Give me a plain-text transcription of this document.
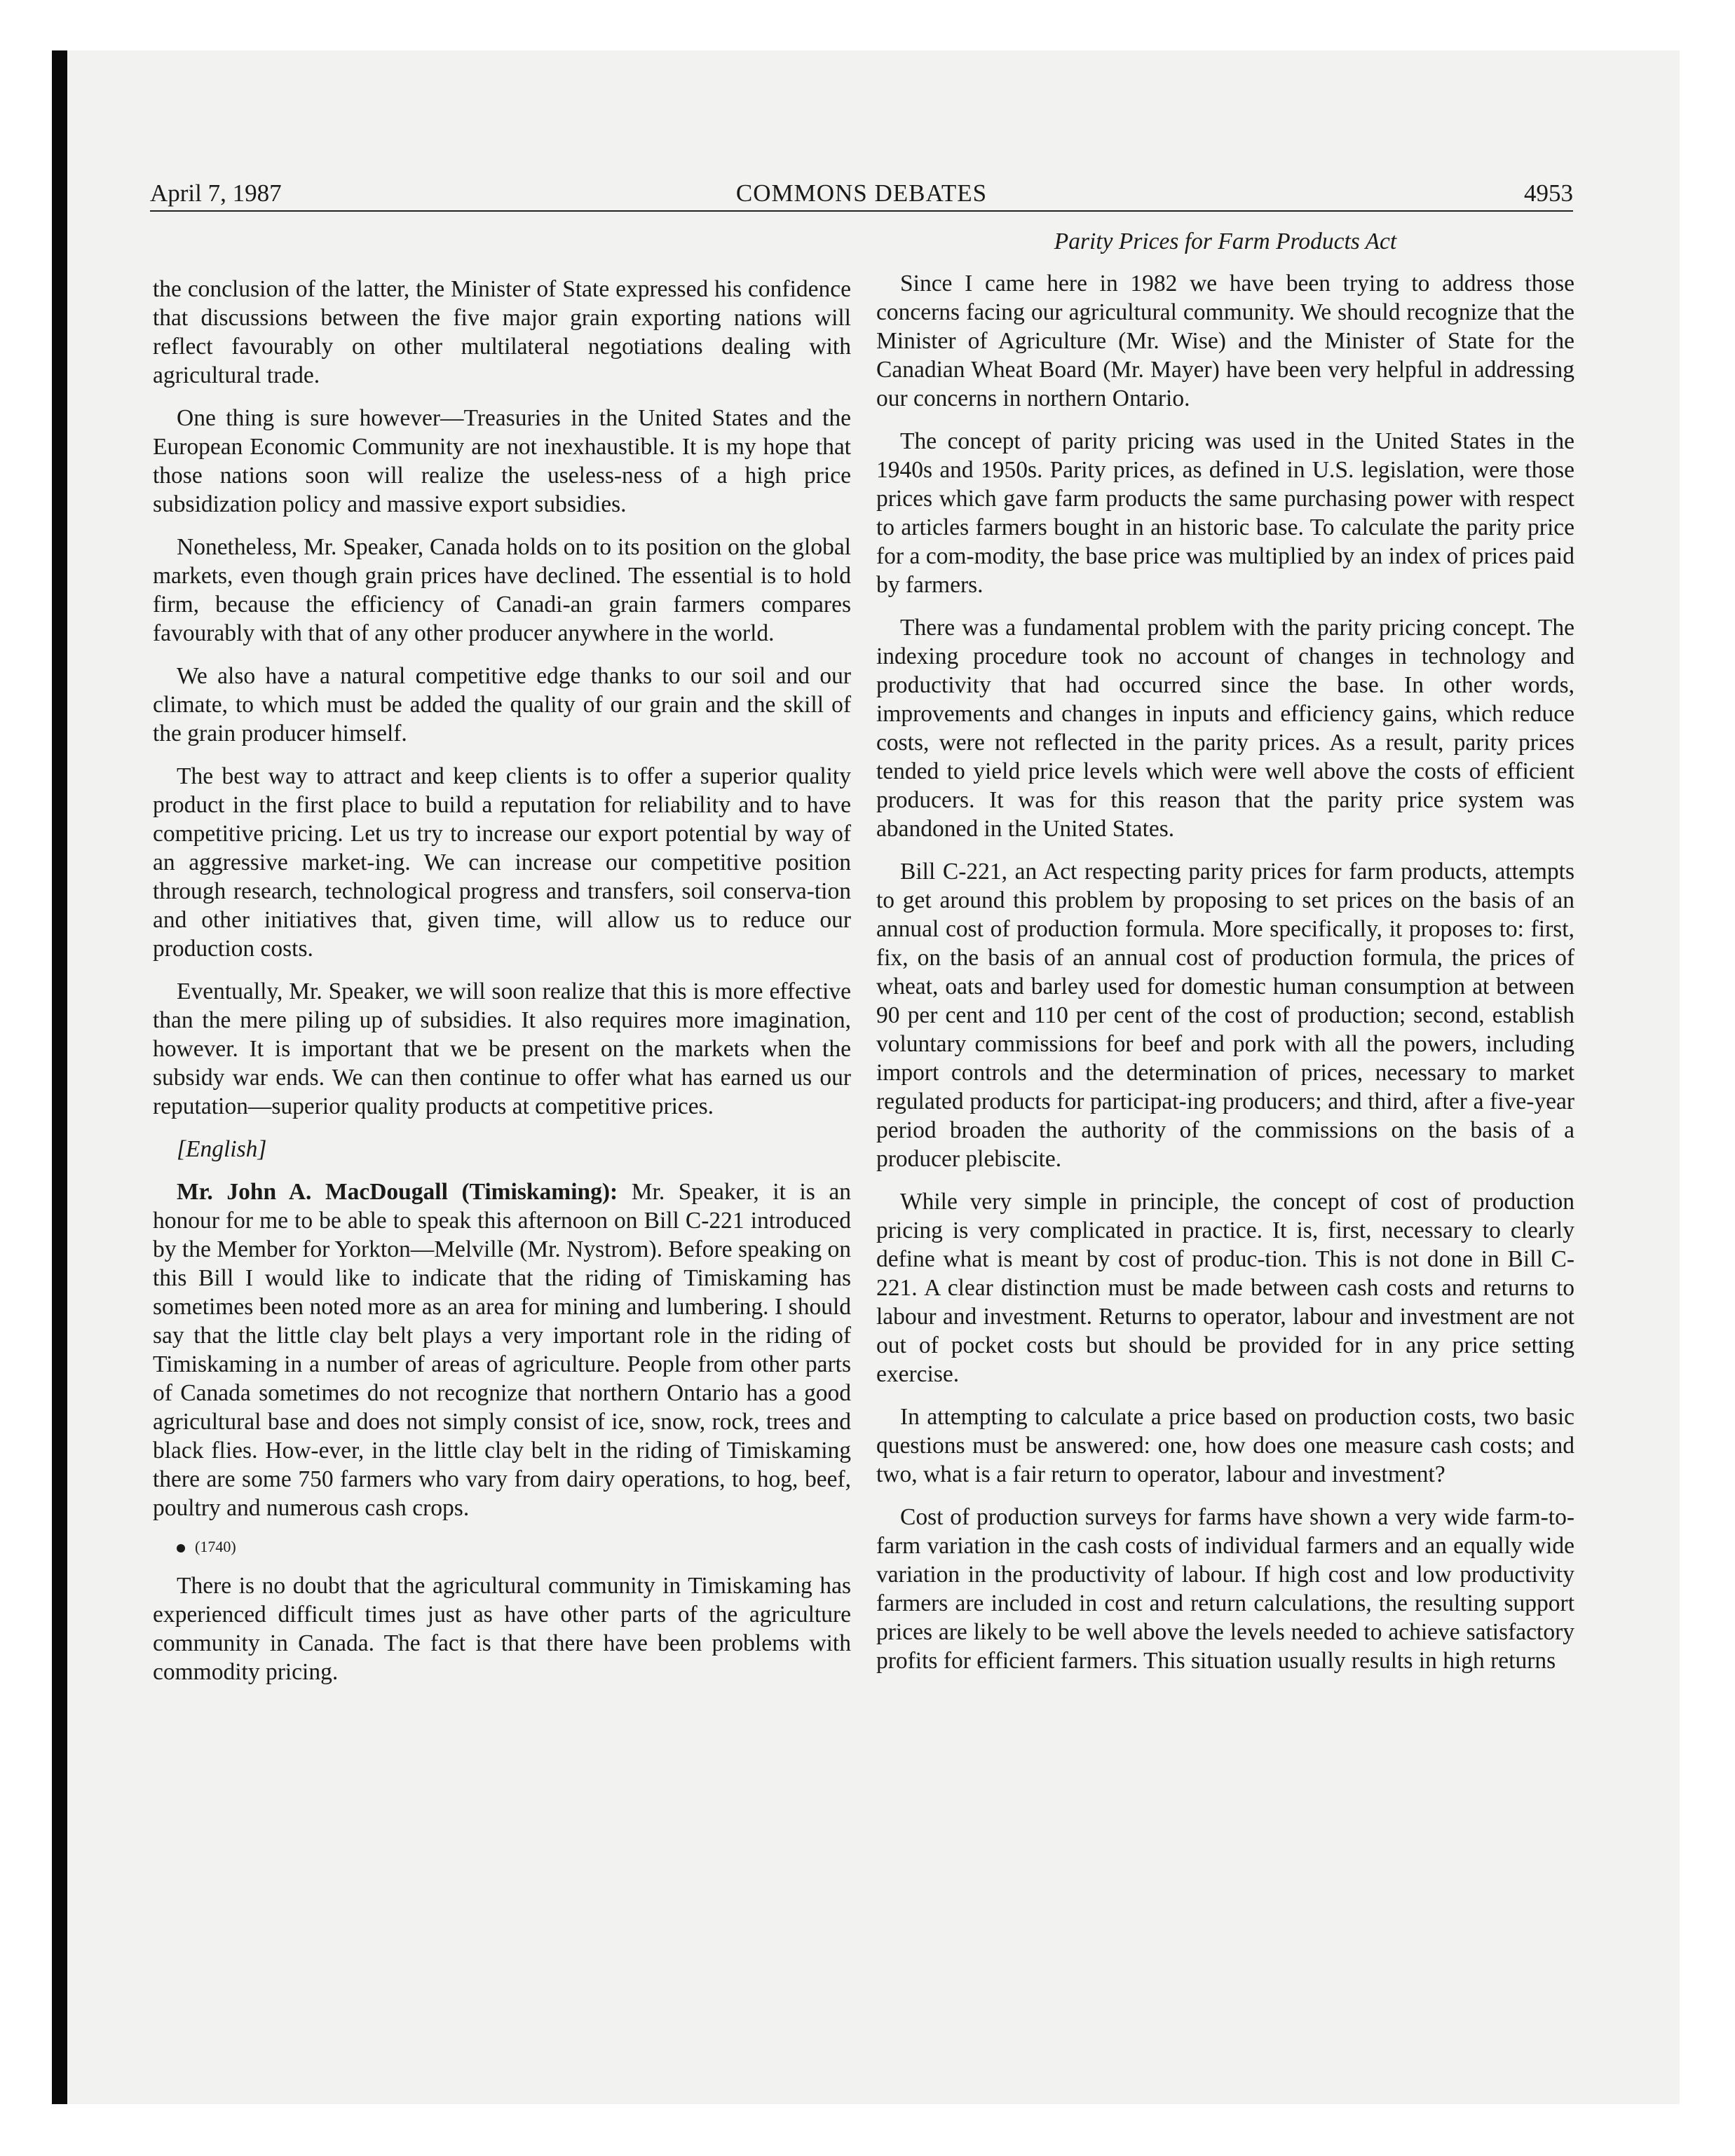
April 7, 1987	COMMONS DEBATES	4953
Parity Prices for Farm Products Act

the conclusion of the latter, the Minister of State expressed his confidence that discussions between the five major grain exporting nations will reflect favourably on other multilateral negotiations dealing with agricultural trade.

One thing is sure however—Treasuries in the United States and the European Economic Community are not inexhaustible. It is my hope that those nations soon will realize the useless-ness of a high price subsidization policy and massive export subsidies.

Nonetheless, Mr. Speaker, Canada holds on to its position on the global markets, even though grain prices have declined. The essential is to hold firm, because the efficiency of Canadi-an grain farmers compares favourably with that of any other producer anywhere in the world.

We also have a natural competitive edge thanks to our soil and our climate, to which must be added the quality of our grain and the skill of the grain producer himself.

The best way to attract and keep clients is to offer a superior quality product in the first place to build a reputation for reliability and to have competitive pricing. Let us try to increase our export potential by way of an aggressive market-ing. We can increase our competitive position through research, technological progress and transfers, soil conserva-tion and other initiatives that, given time, will allow us to reduce our production costs.

Eventually, Mr. Speaker, we will soon realize that this is more effective than the mere piling up of subsidies. It also requires more imagination, however. It is important that we be present on the markets when the subsidy war ends. We can then continue to offer what has earned us our reputation—superior quality products at competitive prices.

[English]

Mr. John A. MacDougall (Timiskaming): Mr. Speaker, it is an honour for me to be able to speak this afternoon on Bill C-221 introduced by the Member for Yorkton—Melville (Mr. Nystrom). Before speaking on this Bill I would like to indicate that the riding of Timiskaming has sometimes been noted more as an area for mining and lumbering. I should say that the little clay belt plays a very important role in the riding of Timiskaming in a number of areas of agriculture. People from other parts of Canada sometimes do not recognize that northern Ontario has a good agricultural base and does not simply consist of ice, snow, rock, trees and black flies. How-ever, in the little clay belt in the riding of Timiskaming there are some 750 farmers who vary from dairy operations, to hog, beef, poultry and numerous cash crops.

(1740)

There is no doubt that the agricultural community in Timiskaming has experienced difficult times just as have other parts of the agriculture community in Canada. The fact is that there have been problems with commodity pricing.

Since I came here in 1982 we have been trying to address those concerns facing our agricultural community. We should recognize that the Minister of Agriculture (Mr. Wise) and the Minister of State for the Canadian Wheat Board (Mr. Mayer) have been very helpful in addressing our concerns in northern Ontario.

The concept of parity pricing was used in the United States in the 1940s and 1950s. Parity prices, as defined in U.S. legislation, were those prices which gave farm products the same purchasing power with respect to articles farmers bought in an historic base. To calculate the parity price for a com-modity, the base price was multiplied by an index of prices paid by farmers.

There was a fundamental problem with the parity pricing concept. The indexing procedure took no account of changes in technology and productivity that had occurred since the base. In other words, improvements and changes in inputs and efficiency gains, which reduce costs, were not reflected in the parity prices. As a result, parity prices tended to yield price levels which were well above the costs of efficient producers. It was for this reason that the parity price system was abandoned in the United States.

Bill C-221, an Act respecting parity prices for farm products, attempts to get around this problem by proposing to set prices on the basis of an annual cost of production formula. More specifically, it proposes to: first, fix, on the basis of an annual cost of production formula, the prices of wheat, oats and barley used for domestic human consumption at between 90 per cent and 110 per cent of the cost of production; second, establish voluntary commissions for beef and pork with all the powers, including import controls and the determination of prices, necessary to market regulated products for participat-ing producers; and third, after a five-year period broaden the authority of the commissions on the basis of a producer plebiscite.

While very simple in principle, the concept of cost of production pricing is very complicated in practice. It is, first, necessary to clearly define what is meant by cost of produc-tion. This is not done in Bill C-221. A clear distinction must be made between cash costs and returns to labour and investment. Returns to operator, labour and investment are not out of pocket costs but should be provided for in any price setting exercise.

In attempting to calculate a price based on production costs, two basic questions must be answered: one, how does one measure cash costs; and two, what is a fair return to operator, labour and investment?

Cost of production surveys for farms have shown a very wide farm-to-farm variation in the cash costs of individual farmers and an equally wide variation in the productivity of labour. If high cost and low productivity farmers are included in cost and return calculations, the resulting support prices are likely to be well above the levels needed to achieve satisfactory profits for efficient farmers. This situation usually results in high returns
